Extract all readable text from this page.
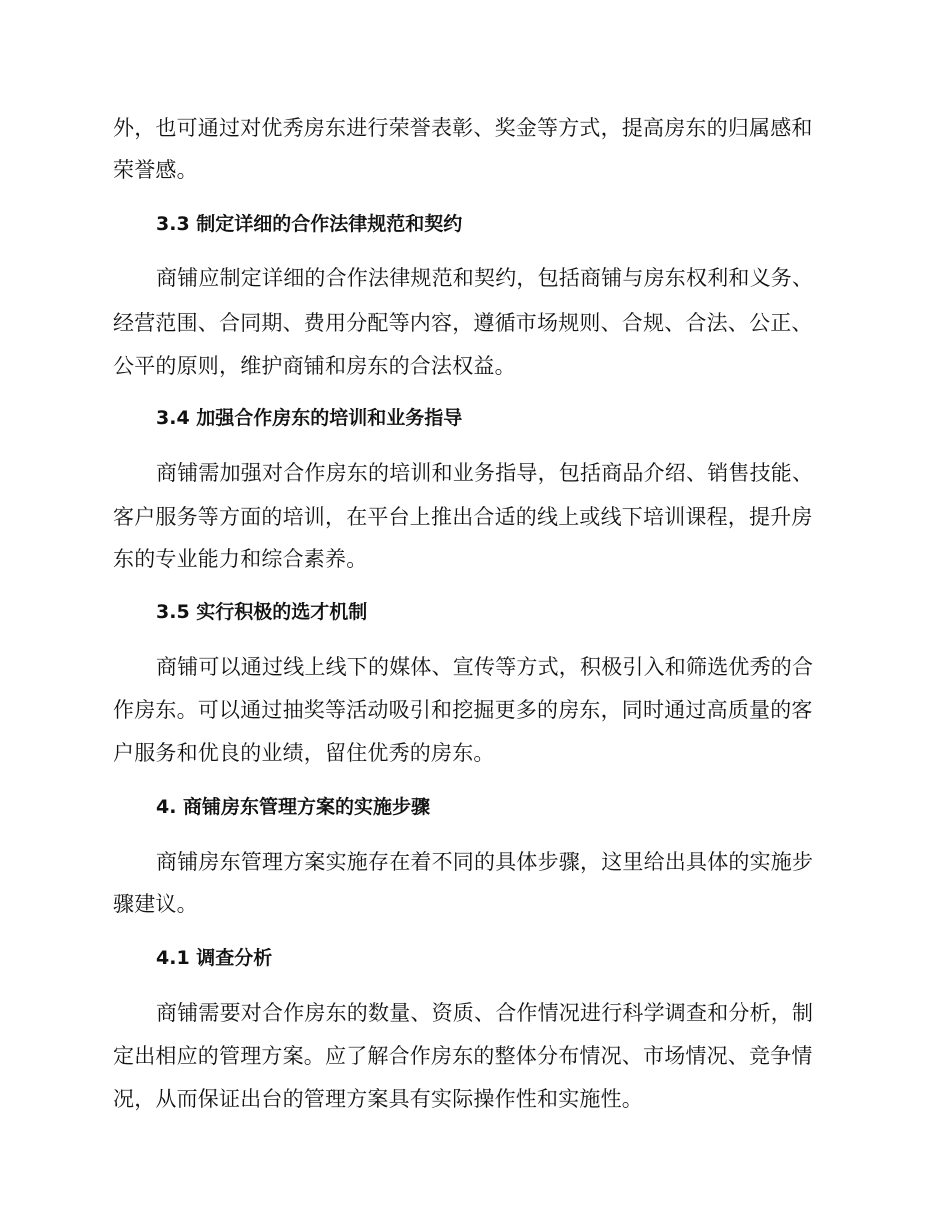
外，也可通过对优秀房东进行荣誉表彰、奖金等方式，提高房东的归属感和
荣誉感。
3.3 制定详细的合作法律规范和契约
商铺应制定详细的合作法律规范和契约，包括商铺与房东权利和义务、
经营范围、合同期、费用分配等内容，遵循市场规则、合规、合法、公正、
公平的原则，维护商铺和房东的合法权益。
3.4 加强合作房东的培训和业务指导
商铺需加强对合作房东的培训和业务指导，包括商品介绍、销售技能、
客户服务等方面的培训，在平台上推出合适的线上或线下培训课程，提升房
东的专业能力和综合素养。
3.5 实行积极的选才机制
商铺可以通过线上线下的媒体、宣传等方式，积极引入和筛选优秀的合
作房东。可以通过抽奖等活动吸引和挖掘更多的房东，同时通过高质量的客
户服务和优良的业绩，留住优秀的房东。
4. 商铺房东管理方案的实施步骤
商铺房东管理方案实施存在着不同的具体步骤，这里给出具体的实施步
骤建议。
4.1 调查分析
商铺需要对合作房东的数量、资质、合作情况进行科学调查和分析，制
定出相应的管理方案。应了解合作房东的整体分布情况、市场情况、竞争情
况，从而保证出台的管理方案具有实际操作性和实施性。
